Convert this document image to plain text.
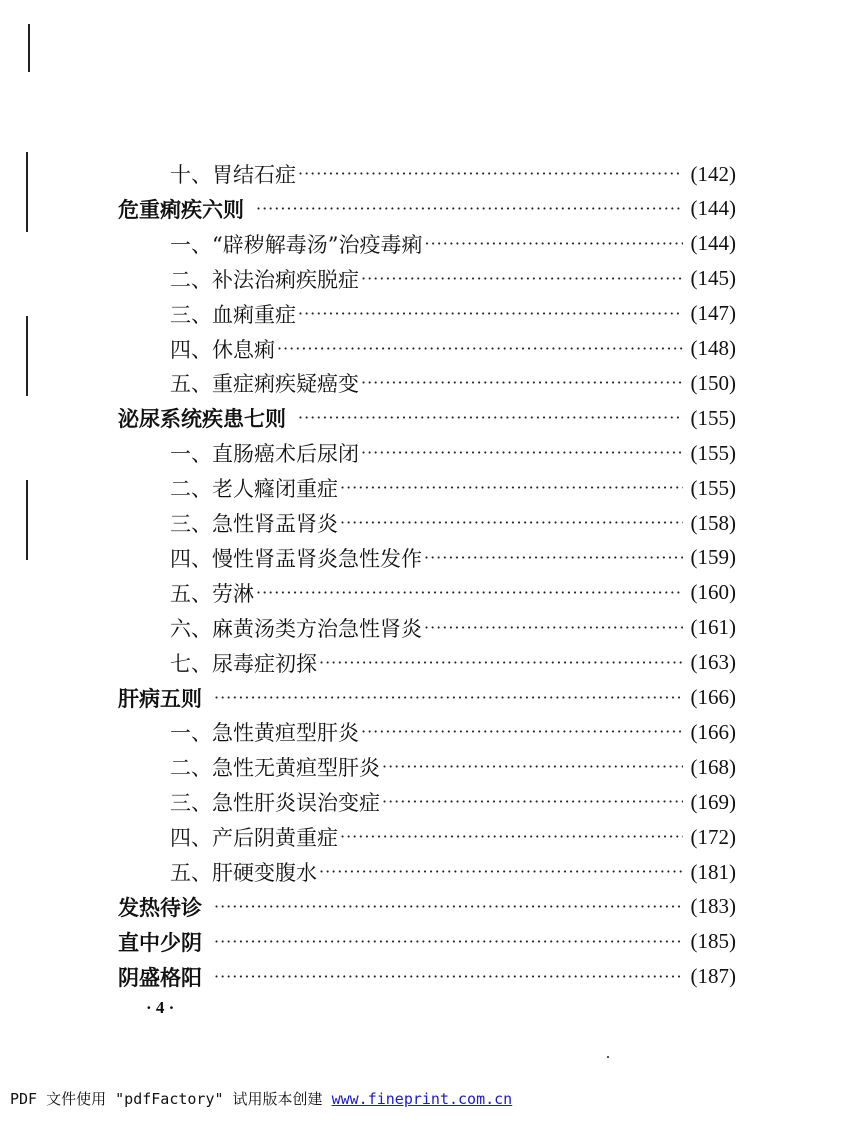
十、胃结石症 ·····	(142)
危重痢疾六则 ·····	(144)
一、“辟秽解毒汤”治疫毒痢 ·····	(144)
二、补法治痢疾脱症 ·····	(145)
三、血痢重症 ·····	(147)
四、休息痢 ·····	(148)
五、重症痢疾疑癌变 ·····	(150)
泌尿系统疾患七则 ·····	(155)
一、直肠癌术后尿闭 ·····	(155)
二、老人癃闭重症 ·····	(155)
三、急性肾盂肾炎 ·····	(158)
四、慢性肾盂肾炎急性发作 ·····	(159)
五、劳淋 ·····	(160)
六、麻黄汤类方治急性肾炎 ·····	(161)
七、尿毒症初探 ·····	(163)
肝病五则 ·····	(166)
一、急性黄疸型肝炎 ·····	(166)
二、急性无黄疸型肝炎 ·····	(168)
三、急性肝炎误治变症 ·····	(169)
四、产后阴黄重症 ·····	(172)
五、肝硬变腹水 ·····	(181)
发热待诊 ·····	(183)
直中少阴 ·····	(185)
阴盛格阳 ·····	(187)
· 4 ·
PDF 文件使用 "pdfFactory" 试用版本创建 www.fineprint.com.cn
